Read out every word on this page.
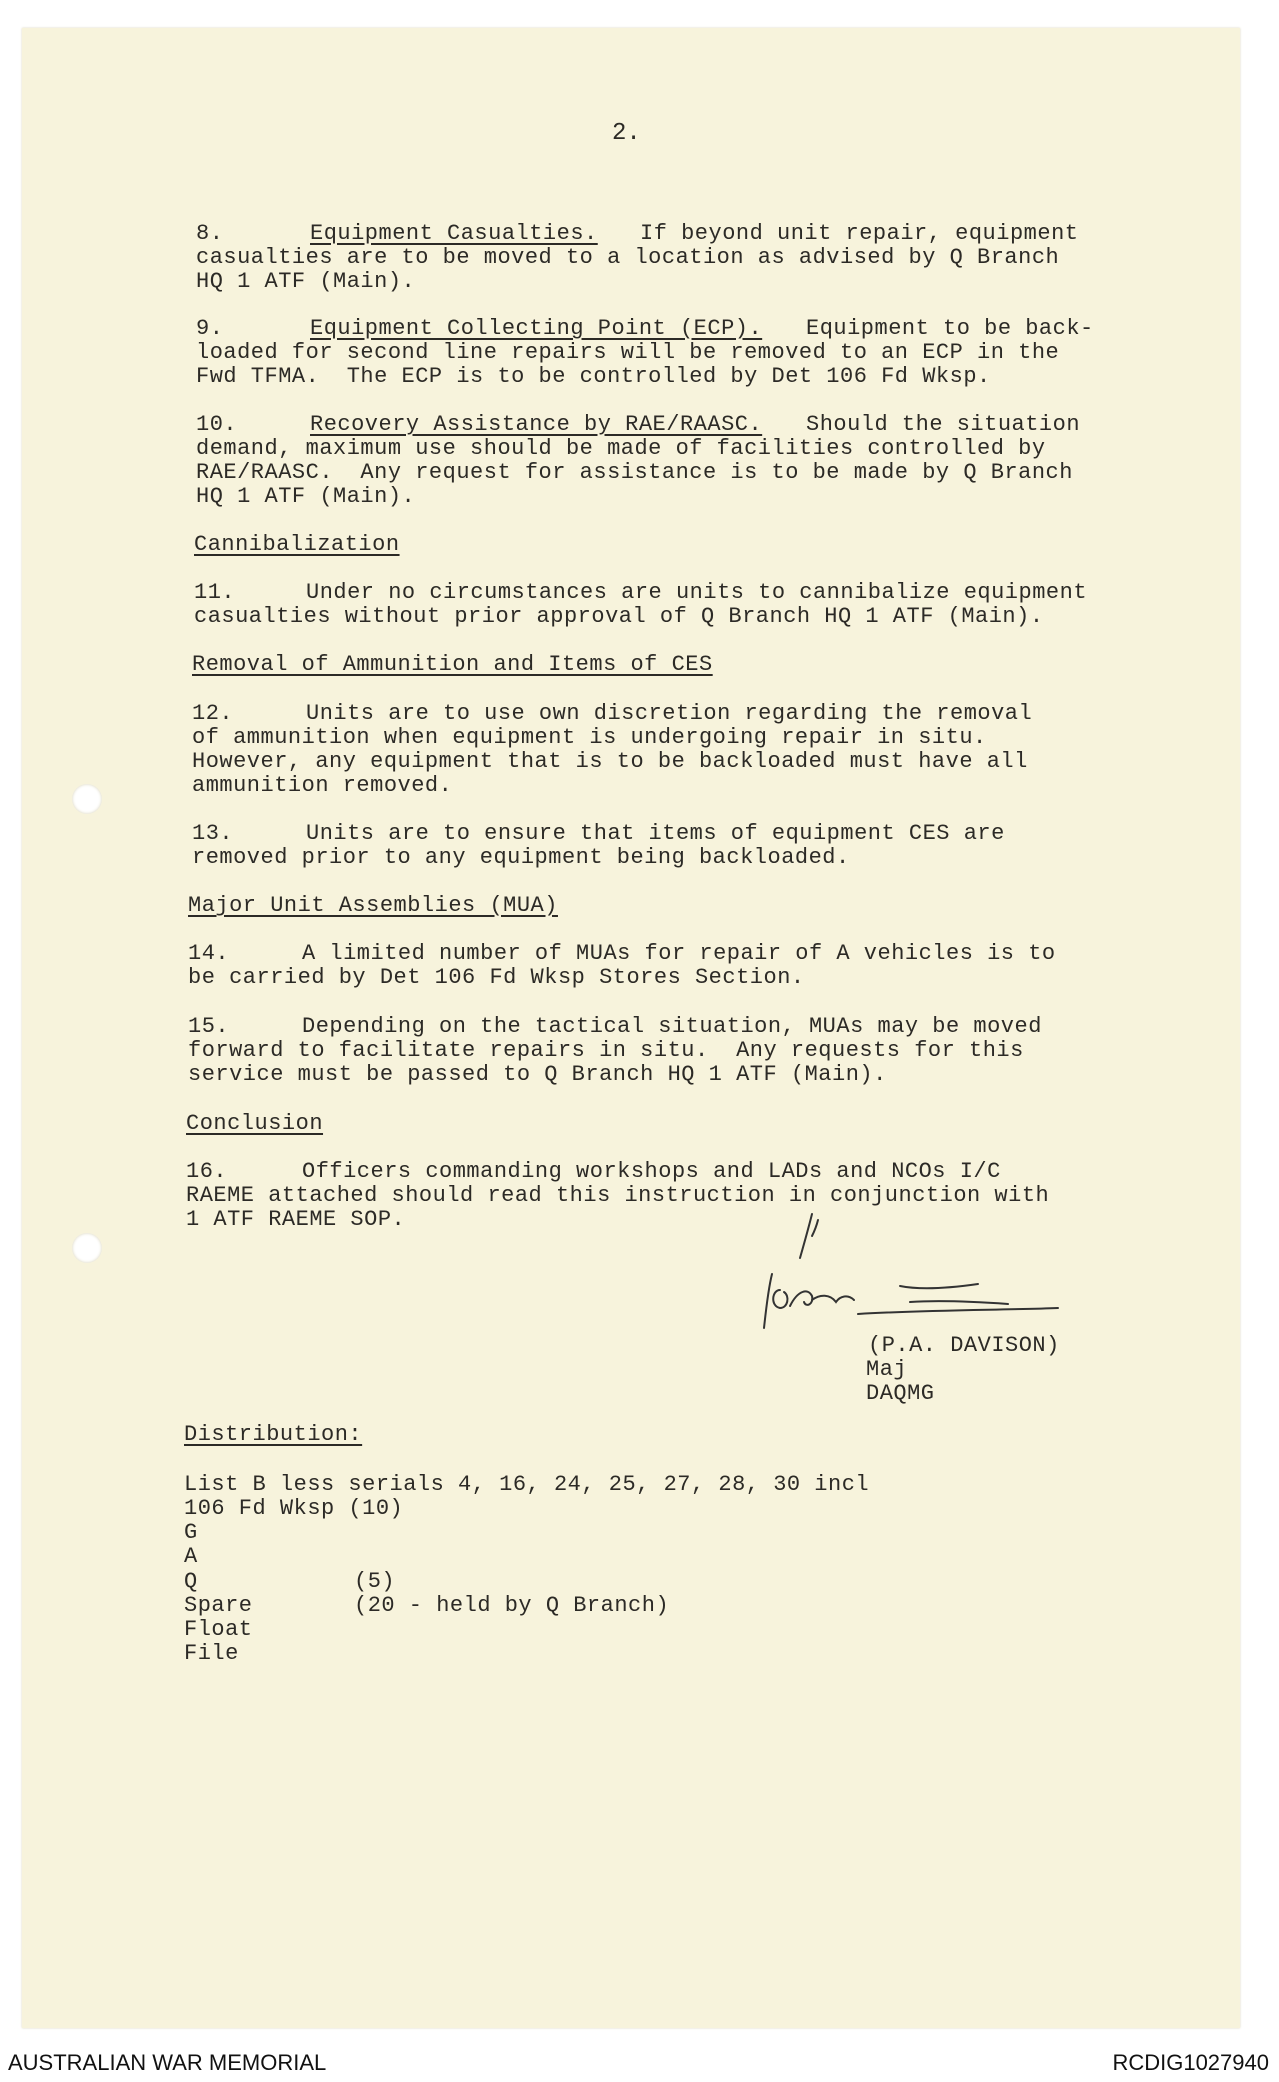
2.
8.	Equipment Casualties. If beyond unit repair, equipment
casualties are to be moved to a location as advised by Q Branch
HQ 1 ATF (Main).
9.	Equipment Collecting Point (ECP). Equipment to be back-
loaded for second line repairs will be removed to an ECP in the
Fwd TFMA.  The ECP is to be controlled by Det 106 Fd Wksp.
10.	Recovery Assistance by RAE/RAASC. Should the situation
demand, maximum use should be made of facilities controlled by
RAE/RAASC.  Any request for assistance is to be made by Q Branch
HQ 1 ATF (Main).
Cannibalization
11.	Under no circumstances are units to cannibalize equipment
casualties without prior approval of Q Branch HQ 1 ATF (Main).
Removal of Ammunition and Items of CES
12.	Units are to use own discretion regarding the removal
of ammunition when equipment is undergoing repair in situ.
However, any equipment that is to be backloaded must have all
ammunition removed.
13.	Units are to ensure that items of equipment CES are
removed prior to any equipment being backloaded.
Major Unit Assemblies (MUA)
14.	A limited number of MUAs for repair of A vehicles is to
be carried by Det 106 Fd Wksp Stores Section.
15.	Depending on the tactical situation, MUAs may be moved
forward to facilitate repairs in situ.  Any requests for this
service must be passed to Q Branch HQ 1 ATF (Main).
Conclusion
16.	Officers commanding workshops and LADs and NCOs I/C
RAEME attached should read this instruction in conjunction with
1 ATF RAEME SOP.
(P.A. DAVISON)
Maj
DAQMG
Distribution:
List B less serials 4, 16, 24, 25, 27, 28, 30 incl
106 Fd Wksp (10)
G
A
Q	(5)
Spare	(20 - held by Q Branch)
Float
File
AUSTRALIAN WAR MEMORIAL	RCDIG1027940
